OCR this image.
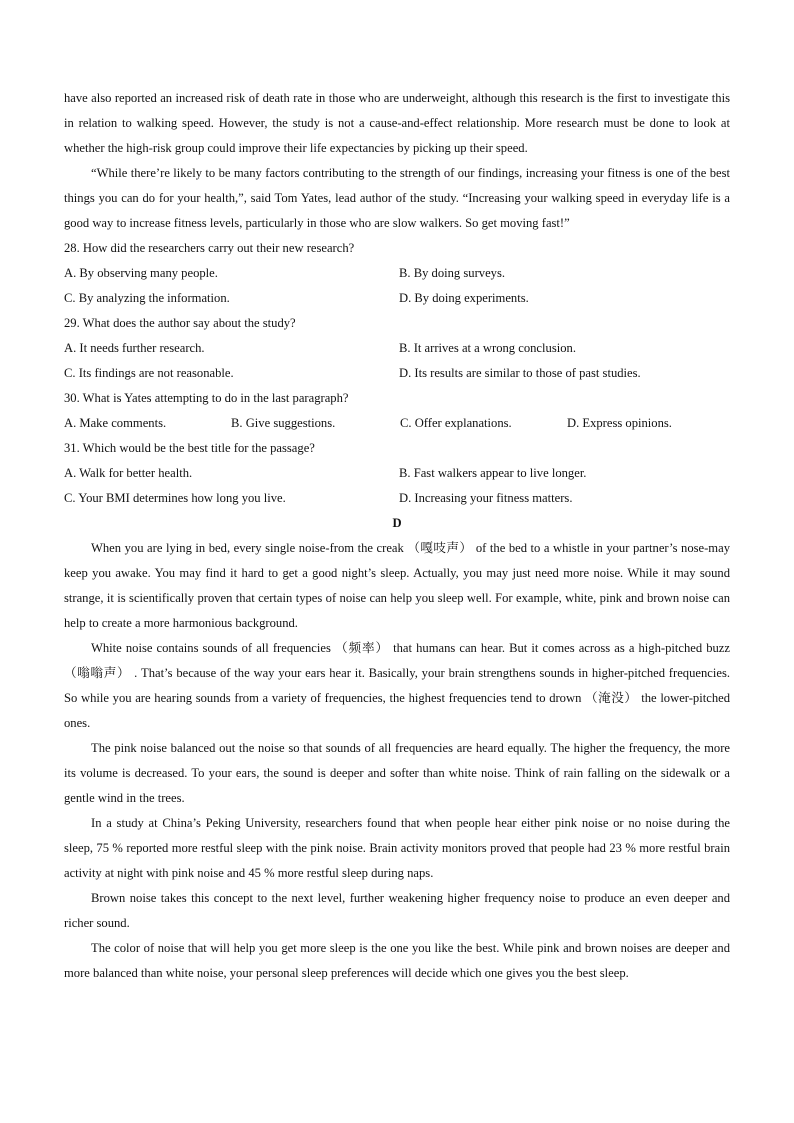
have also reported an increased risk of death rate in those who are underweight, although this research is the first to investigate this in relation to walking speed. However, the study is not a cause-and-effect relationship. More research must be done to look at whether the high-risk group could improve their life expectancies by picking up their speed.

“While there’re likely to be many factors contributing to the strength of our findings, increasing your fitness is one of the best things you can do for your health,”, said Tom Yates, lead author of the study. “Increasing your walking speed in everyday life is a good way to increase fitness levels, particularly in those who are slow walkers. So get moving fast!”

28. How did the researchers carry out their new research?

A. By observing many people.	B. By doing surveys.
C. By analyzing the information.	D. By doing experiments.

29. What does the author say about the study?

A. It needs further research.	B. It arrives at a wrong conclusion.
C. Its findings are not reasonable.	D. Its results are similar to those of past studies.

30. What is Yates attempting to do in the last paragraph?

A. Make comments.	B. Give suggestions.	C. Offer explanations.	D. Express opinions.

31. Which would be the best title for the passage?

A. Walk for better health.	B. Fast walkers appear to live longer.
C. Your BMI determines how long you live.	D. Increasing your fitness matters.

D

When you are lying in bed, every single noise-from the creak （嘎吱声） of the bed to a whistle in your partner’s nose-may keep you awake. You may find it hard to get a good night’s sleep. Actually, you may just need more noise. While it may sound strange, it is scientifically proven that certain types of noise can help you sleep well. For example, white, pink and brown noise can help to create a more harmonious background.

White noise contains sounds of all frequencies （频率） that humans can hear. But it comes across as a high-pitched buzz （嗡嗡声） . That’s because of the way your ears hear it. Basically, your brain strengthens sounds in higher-pitched frequencies. So while you are hearing sounds from a variety of frequencies, the highest frequencies tend to drown （淹没） the lower-pitched ones.

The pink noise balanced out the noise so that sounds of all frequencies are heard equally. The higher the frequency, the more its volume is decreased. To your ears, the sound is deeper and softer than white noise. Think of rain falling on the sidewalk or a gentle wind in the trees.

In a study at China’s Peking University, researchers found that when people hear either pink noise or no noise during the sleep, 75 % reported more restful sleep with the pink noise. Brain activity monitors proved that people had 23 % more restful brain activity at night with pink noise and 45 % more restful sleep during naps.

Brown noise takes this concept to the next level, further weakening higher frequency noise to produce an even deeper and richer sound.

The color of noise that will help you get more sleep is the one you like the best. While pink and brown noises are deeper and more balanced than white noise, your personal sleep preferences will decide which one gives you the best sleep.
